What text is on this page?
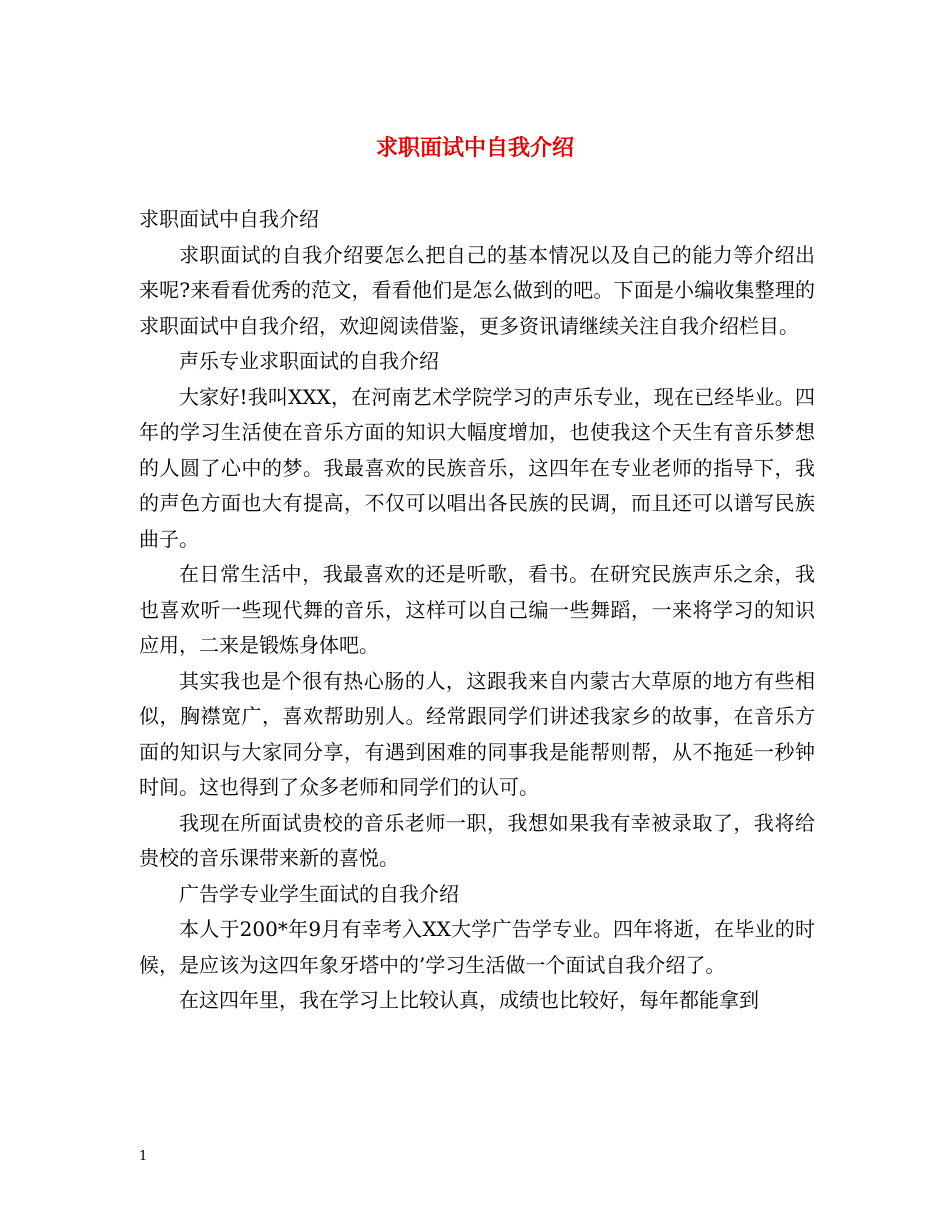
求职面试中自我介绍

求职面试中自我介绍

求职面试的自我介绍要怎么把自己的基本情况以及自己的能力等介绍出来呢?来看看优秀的范文，看看他们是怎么做到的吧。下面是小编收集整理的求职面试中自我介绍，欢迎阅读借鉴，更多资讯请继续关注自我介绍栏目。

声乐专业求职面试的自我介绍

大家好!我叫XXX，在河南艺术学院学习的声乐专业，现在已经毕业。四年的学习生活使在音乐方面的知识大幅度增加，也使我这个天生有音乐梦想的人圆了心中的梦。我最喜欢的民族音乐，这四年在专业老师的指导下，我的声色方面也大有提高，不仅可以唱出各民族的民调，而且还可以谱写民族曲子。

在日常生活中，我最喜欢的还是听歌，看书。在研究民族声乐之余，我也喜欢听一些现代舞的音乐，这样可以自己编一些舞蹈，一来将学习的知识应用，二来是锻炼身体吧。

其实我也是个很有热心肠的人，这跟我来自内蒙古大草原的地方有些相似，胸襟宽广，喜欢帮助别人。经常跟同学们讲述我家乡的故事，在音乐方面的知识与大家同分享，有遇到困难的同事我是能帮则帮，从不拖延一秒钟时间。这也得到了众多老师和同学们的认可。

我现在所面试贵校的音乐老师一职，我想如果我有幸被录取了，我将给贵校的音乐课带来新的喜悦。

广告学专业学生面试的自我介绍

本人于200*年9月有幸考入XX大学广告学专业。四年将逝，在毕业的时候，是应该为这四年象牙塔中的’学习生活做一个面试自我介绍了。

在这四年里，我在学习上比较认真，成绩也比较好，每年都能拿到

1
